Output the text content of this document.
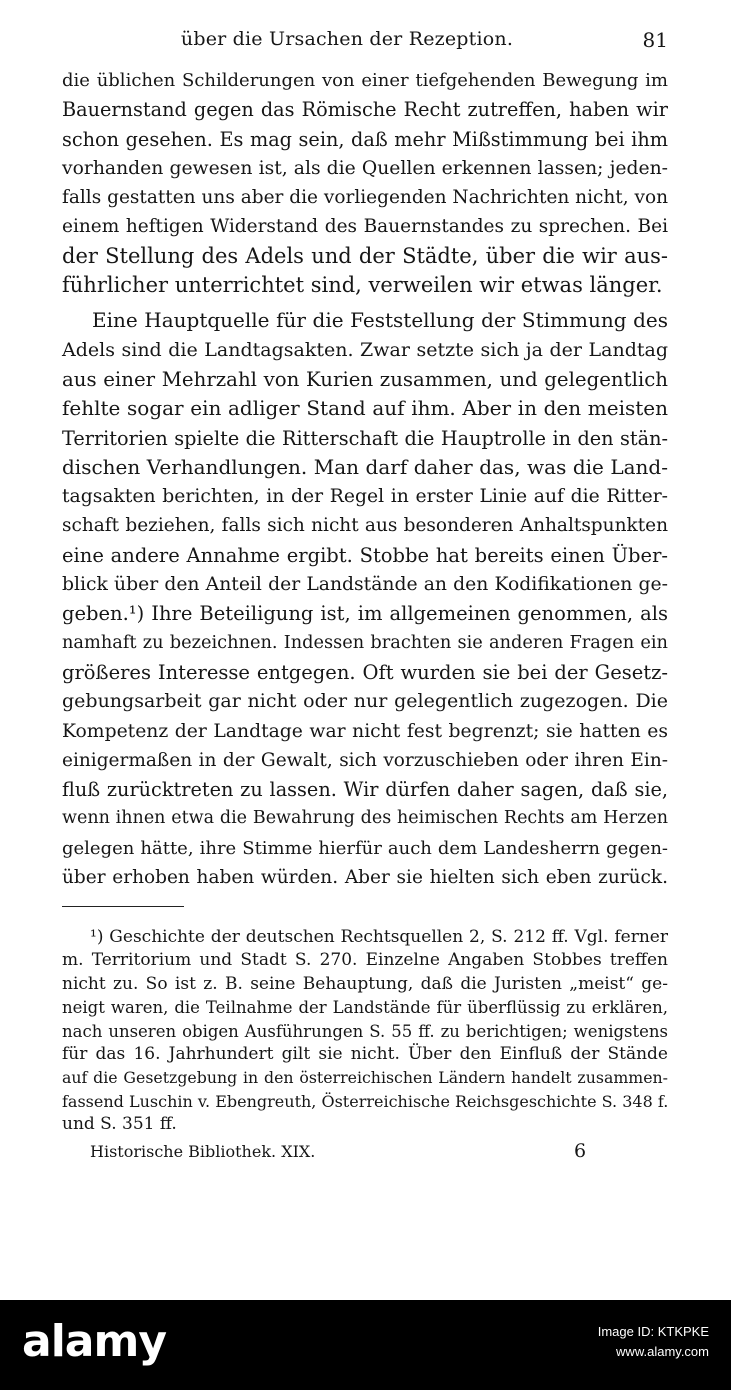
über die Ursachen der Rezeption.	81
die üblichen Schilderungen von einer tiefgehenden Bewegung im
Bauernstand gegen das Römische Recht zutreffen, haben wir
schon gesehen. Es mag sein, daß mehr Mißstimmung bei ihm
vorhanden gewesen ist, als die Quellen erkennen lassen; jeden-
falls gestatten uns aber die vorliegenden Nachrichten nicht, von
einem heftigen Widerstand des Bauernstandes zu sprechen. Bei
der Stellung des Adels und der Städte, über die wir aus-
führlicher unterrichtet sind, verweilen wir etwas länger.
Eine Hauptquelle für die Feststellung der Stimmung des
Adels sind die Landtagsakten. Zwar setzte sich ja der Landtag
aus einer Mehrzahl von Kurien zusammen, und gelegentlich
fehlte sogar ein adliger Stand auf ihm. Aber in den meisten
Territorien spielte die Ritterschaft die Hauptrolle in den stän-
dischen Verhandlungen. Man darf daher das, was die Land-
tagsakten berichten, in der Regel in erster Linie auf die Ritter-
schaft beziehen, falls sich nicht aus besonderen Anhaltspunkten
eine andere Annahme ergibt. Stobbe hat bereits einen Über-
blick über den Anteil der Landstände an den Kodifikationen ge-
geben.¹) Ihre Beteiligung ist, im allgemeinen genommen, als
namhaft zu bezeichnen. Indessen brachten sie anderen Fragen ein
größeres Interesse entgegen. Oft wurden sie bei der Gesetz-
gebungsarbeit gar nicht oder nur gelegentlich zugezogen. Die
Kompetenz der Landtage war nicht fest begrenzt; sie hatten es
einigermaßen in der Gewalt, sich vorzuschieben oder ihren Ein-
fluß zurücktreten zu lassen. Wir dürfen daher sagen, daß sie,
wenn ihnen etwa die Bewahrung des heimischen Rechts am Herzen
gelegen hätte, ihre Stimme hierfür auch dem Landesherrn gegen-
über erhoben haben würden. Aber sie hielten sich eben zurück.
¹) Geschichte der deutschen Rechtsquellen 2, S. 212 ff. Vgl. ferner
m. Territorium und Stadt S. 270. Einzelne Angaben Stobbes treffen
nicht zu. So ist z. B. seine Behauptung, daß die Juristen „meist“ ge-
neigt waren, die Teilnahme der Landstände für überflüssig zu erklären,
nach unseren obigen Ausführungen S. 55 ff. zu berichtigen; wenigstens
für das 16. Jahrhundert gilt sie nicht. Über den Einfluß der Stände
auf die Gesetzgebung in den österreichischen Ländern handelt zusammen-
fassend Luschin v. Ebengreuth, Österreichische Reichsgeschichte S. 348 f.
und S. 351 ff.
Historische Bibliothek. XIX.	6
alamy	Image ID: KTKPKE
www.alamy.com
